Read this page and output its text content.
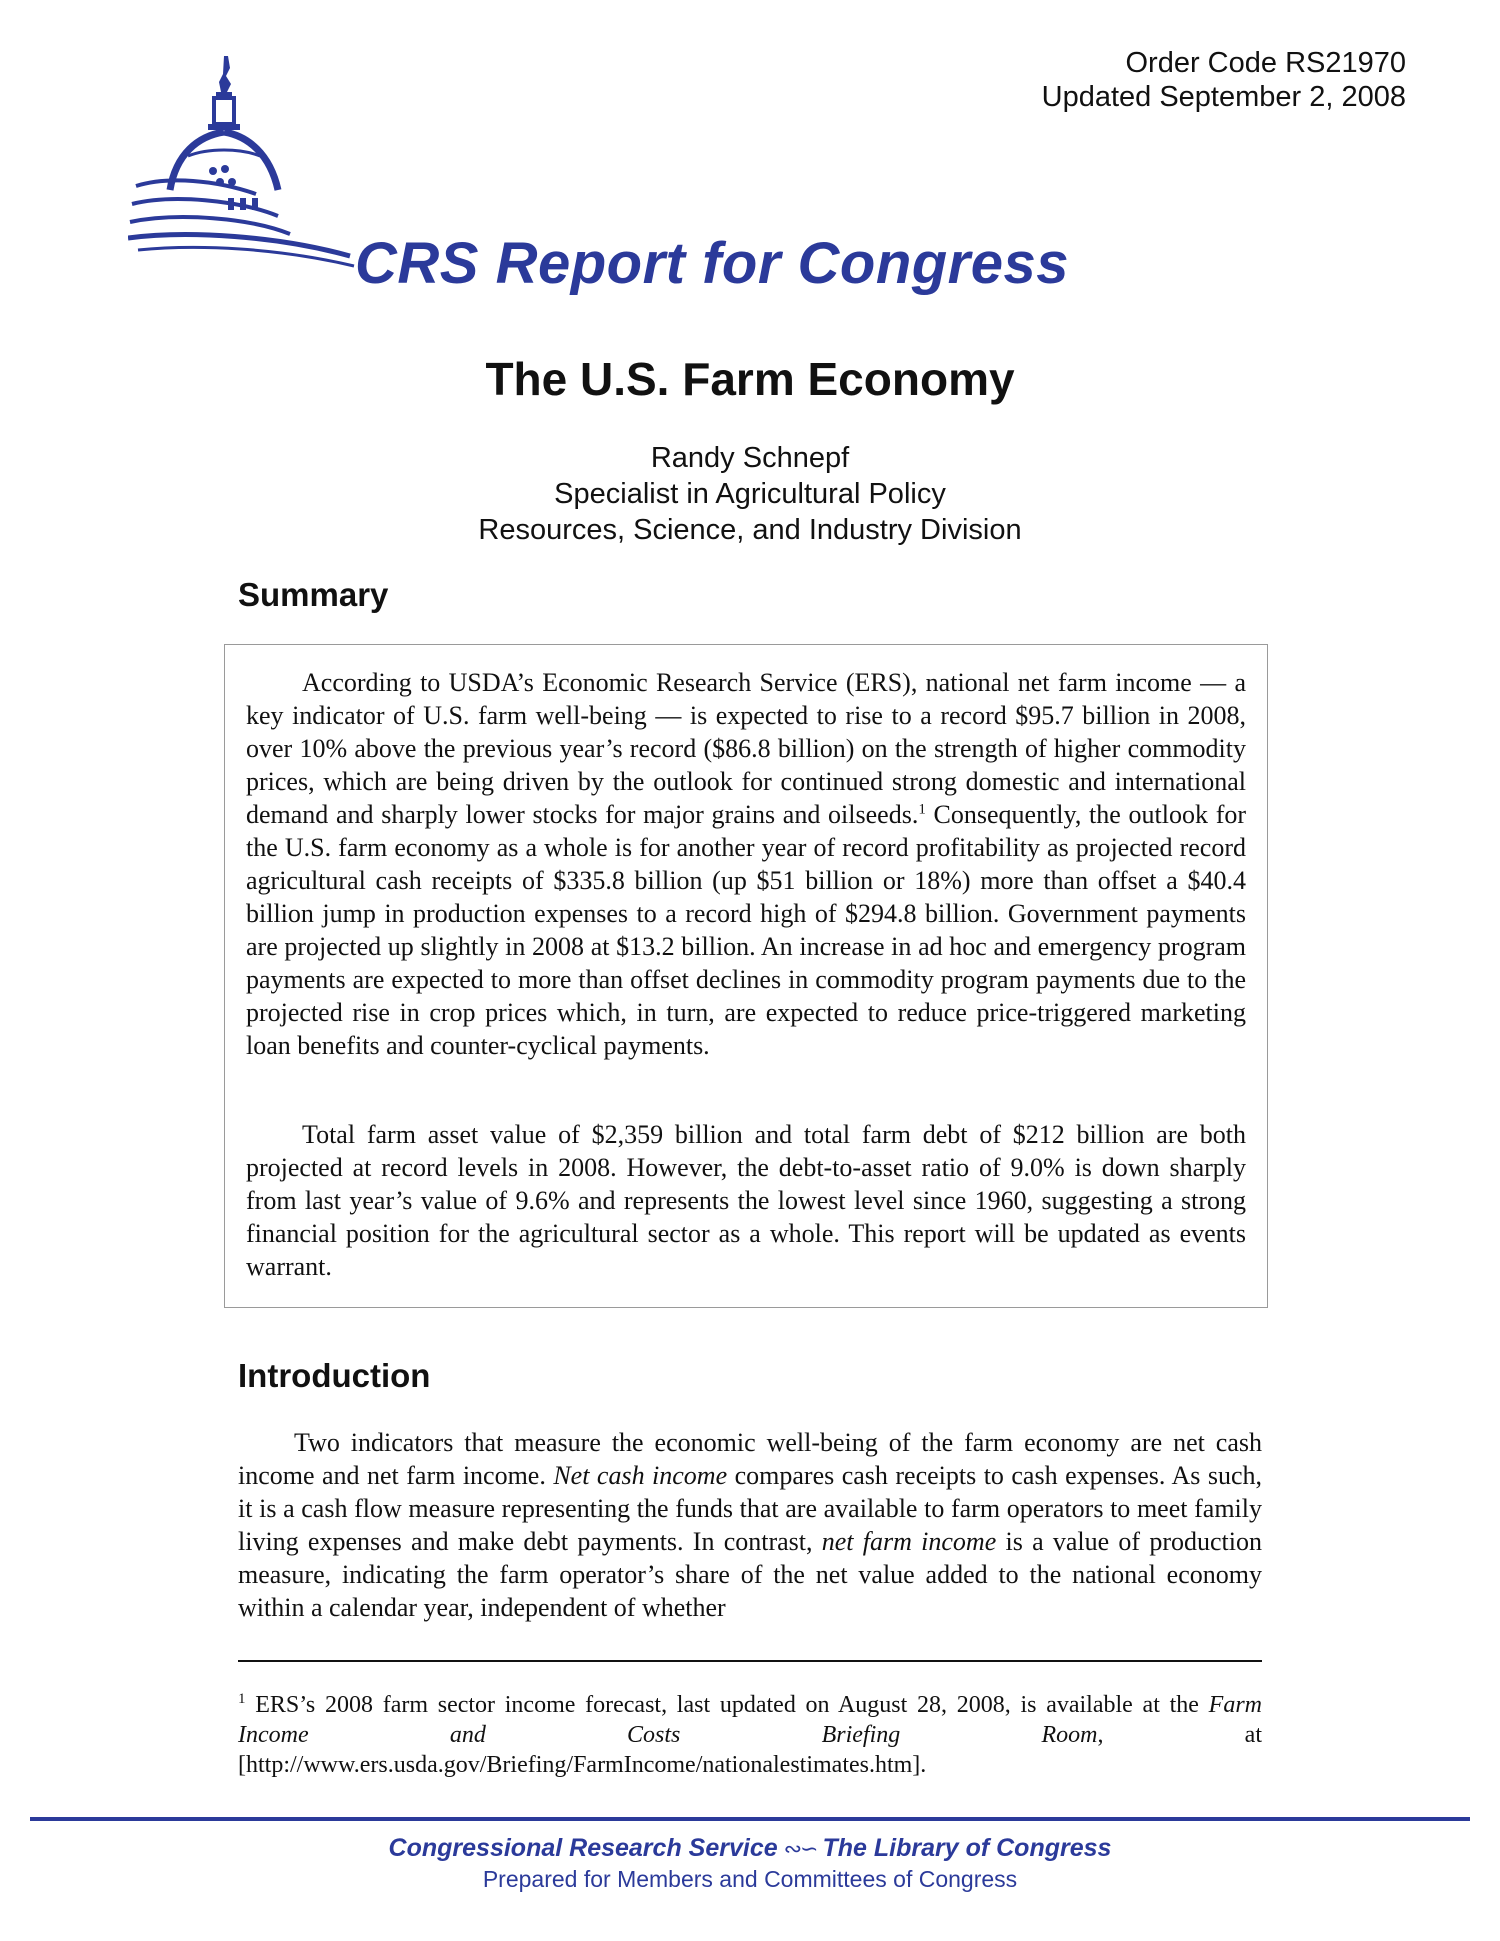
Order Code RS21970
Updated September 2, 2008
CRS Report for Congress
The U.S. Farm Economy
Randy Schnepf
Specialist in Agricultural Policy
Resources, Science, and Industry Division
Summary

According to USDA’s Economic Research Service (ERS), national net farm income — a key indicator of U.S. farm well-being — is expected to rise to a record $95.7 billion in 2008, over 10% above the previous year’s record ($86.8 billion) on the strength of higher commodity prices, which are being driven by the outlook for continued strong domestic and international demand and sharply lower stocks for major grains and oilseeds.$^1$ Consequently, the outlook for the U.S. farm economy as a whole is for another year of record profitability as projected record agricultural cash receipts of $335.8 billion (up $51 billion or 18%) more than offset a $40.4 billion jump in production expenses to a record high of $294.8 billion. Government payments are projected up slightly in 2008 at $13.2 billion. An increase in ad hoc and emergency program payments are expected to more than offset declines in commodity program payments due to the projected rise in crop prices which, in turn, are expected to reduce price-triggered marketing loan benefits and counter-cyclical payments.

Total farm asset value of $2,359 billion and total farm debt of $212 billion are both projected at record levels in 2008. However, the debt-to-asset ratio of 9.0% is down sharply from last year’s value of 9.6% and represents the lowest level since 1960, suggesting a strong financial position for the agricultural sector as a whole. This report will be updated as events warrant.

Introduction

Two indicators that measure the economic well-being of the farm economy are net cash income and net farm income. Net cash income compares cash receipts to cash expenses. As such, it is a cash flow measure representing the funds that are available to farm operators to meet family living expenses and make debt payments. In contrast, net farm income is a value of production measure, indicating the farm operator’s share of the net value added to the national economy within a calendar year, independent of whether

$^1$ ERS’s 2008 farm sector income forecast, last updated on August 28, 2008, is available at the Farm Income and Costs Briefing Room, at [http://www.ers.usda.gov/Briefing/FarmIncome/nationalestimates.htm].
Congressional Research Service ∾∽ The Library of Congress
Prepared for Members and Committees of Congress
